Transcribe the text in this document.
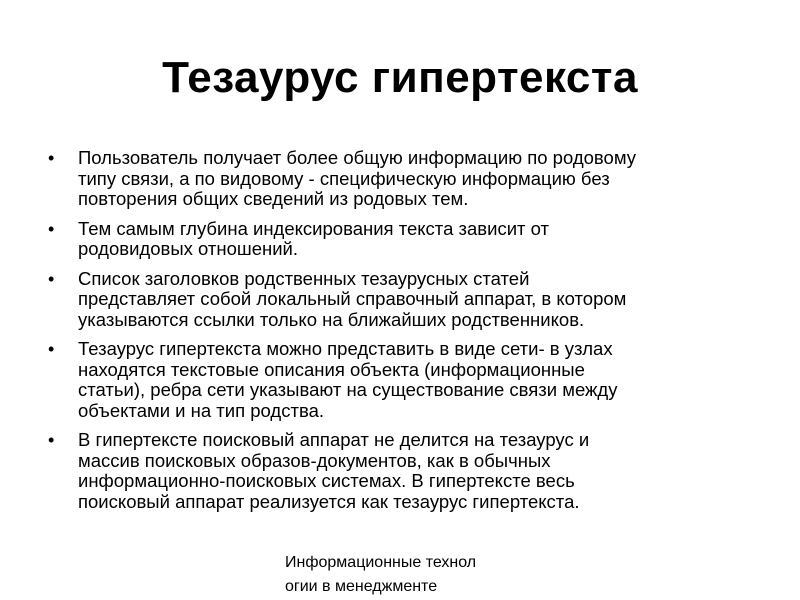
Тезаурус гипертекста
•	Пользователь получает более общую информацию по родовому
типу связи, а по видовому - специфическую информацию без
повторения общих сведений из родовых тем.
•	Тем самым глубина индексирования текста зависит от
родовидовых отношений.
•	Список заголовков родственных тезаурусных статей
представляет собой локальный справочный аппарат, в котором
указываются ссылки только на ближайших родственников.
•	Тезаурус гипертекста можно представить в виде сети- в узлах
находятся текстовые описания объекта (информационные
статьи), ребра сети указывают на существование связи между
объектами и на тип родства.
•	В гипертексте поисковый аппарат не делится на тезаурус и
массив поисковых образов-документов, как в обычных
информационно-поисковых системах. В гипертексте весь
поисковый аппарат реализуется как тезаурус гипертекста.
Информационные технол
огии в менеджменте
